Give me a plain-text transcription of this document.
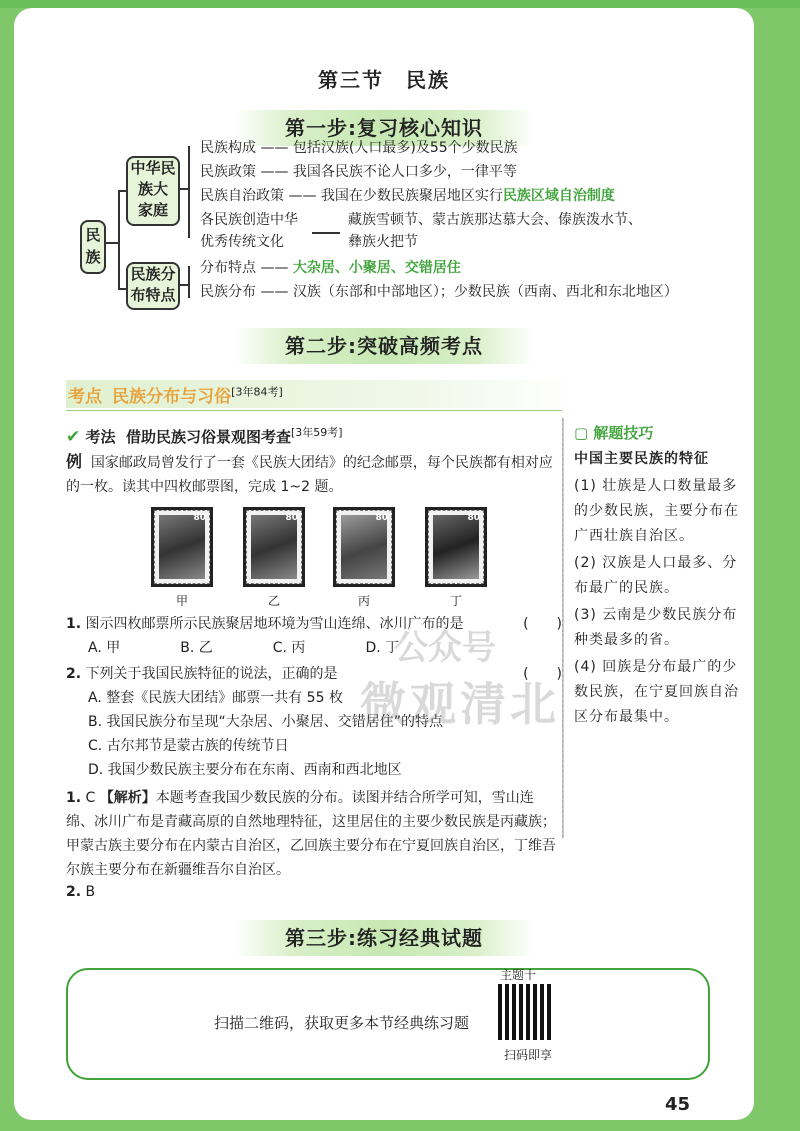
第三节　民族
第一步:复习核心知识
民族
中华民
族大
家庭
民族分
布特点
民族构成 —— 包括汉族(人口最多)及55个少数民族
民族政策 —— 我国各民族不论人口多少，一律平等
民族自治政策 —— 我国在少数民族聚居地区实行民族区域自治制度
各民族创造中华
优秀传统文化
藏族雪顿节、蒙古族那达慕大会、傣族泼水节、
彝族火把节
分布特点 —— 大杂居、小聚居、交错居住
民族分布 —— 汉族（东部和中部地区）；少数民族（西南、西北和东北地区）
第二步:突破高频考点
考点 民族分布与习俗[3年84考]
✔ 考法 借助民族习俗景观图考查[3年59考]
例 国家邮政局曾发行了一套《民族大团结》的纪念邮票，每个民族都有相对应的一枚。读其中四枚邮票图，完成 1~2 题。
80	80	80	80
甲	乙	丙	丁
1. 图示四枚邮票所示民族聚居地环境为雪山连绵、冰川广布的是	(　　)
A. 甲	B. 乙	C. 丙	D. 丁
2. 下列关于我国民族特征的说法，正确的是	(　　)
A. 整套《民族大团结》邮票一共有 55 枚
B. 我国民族分布呈现“大杂居、小聚居、交错居住”的特点
C. 古尔邦节是蒙古族的传统节日
D. 我国少数民族主要分布在东南、西南和西北地区
1. C 【解析】本题考查我国少数民族的分布。读图并结合所学可知，雪山连绵、冰川广布是青藏高原的自然地理特征，这里居住的主要少数民族是丙藏族；甲蒙古族主要分布在内蒙古自治区，乙回族主要分布在宁夏回族自治区，丁维吾尔族主要分布在新疆维吾尔自治区。
2. B
▢ 解题技巧
中国主要民族的特征
(1) 壮族是人口数量最多的少数民族，主要分布在广西壮族自治区。
(2) 汉族是人口最多、分布最广的民族。
(3) 云南是少数民族分布种类最多的省。
(4) 回族是分布最广的少数民族，在宁夏回族自治区分布最集中。
公众号
微观清北
第三步:练习经典试题
扫描二维码，获取更多本节经典练习题
主题十
扫码即享
45
